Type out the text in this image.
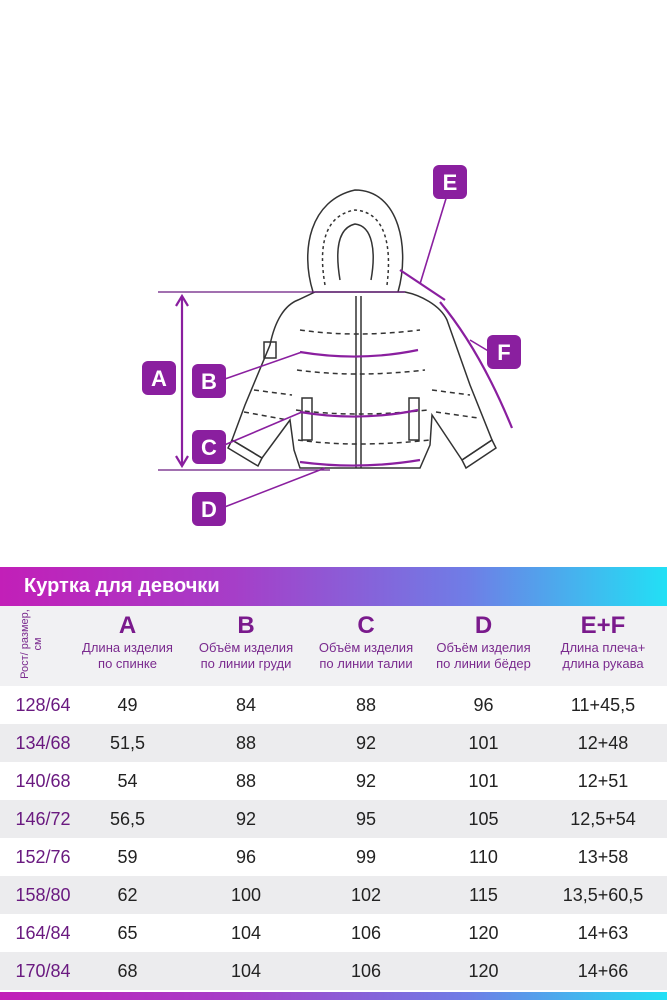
A B
C
D
E
F
Куртка для девочки
Рост/ размер, см
A
Длина изделия
по спинке
B
Объём изделия
по линии груди
C
Объём изделия
по линии талии
D
Объём изделия
по линии бёдер
E+F
Длина плеча+
длина рукава
128/64	49	84	88	96	11+45,5
134/68	51,5	88	92	101	12+48
140/68	54	88	92	101	12+51
146/72	56,5	92	95	105	12,5+54
152/76	59	96	99	110	13+58
158/80	62	100	102	115	13,5+60,5
164/84	65	104	106	120	14+63
170/84	68	104	106	120	14+66
